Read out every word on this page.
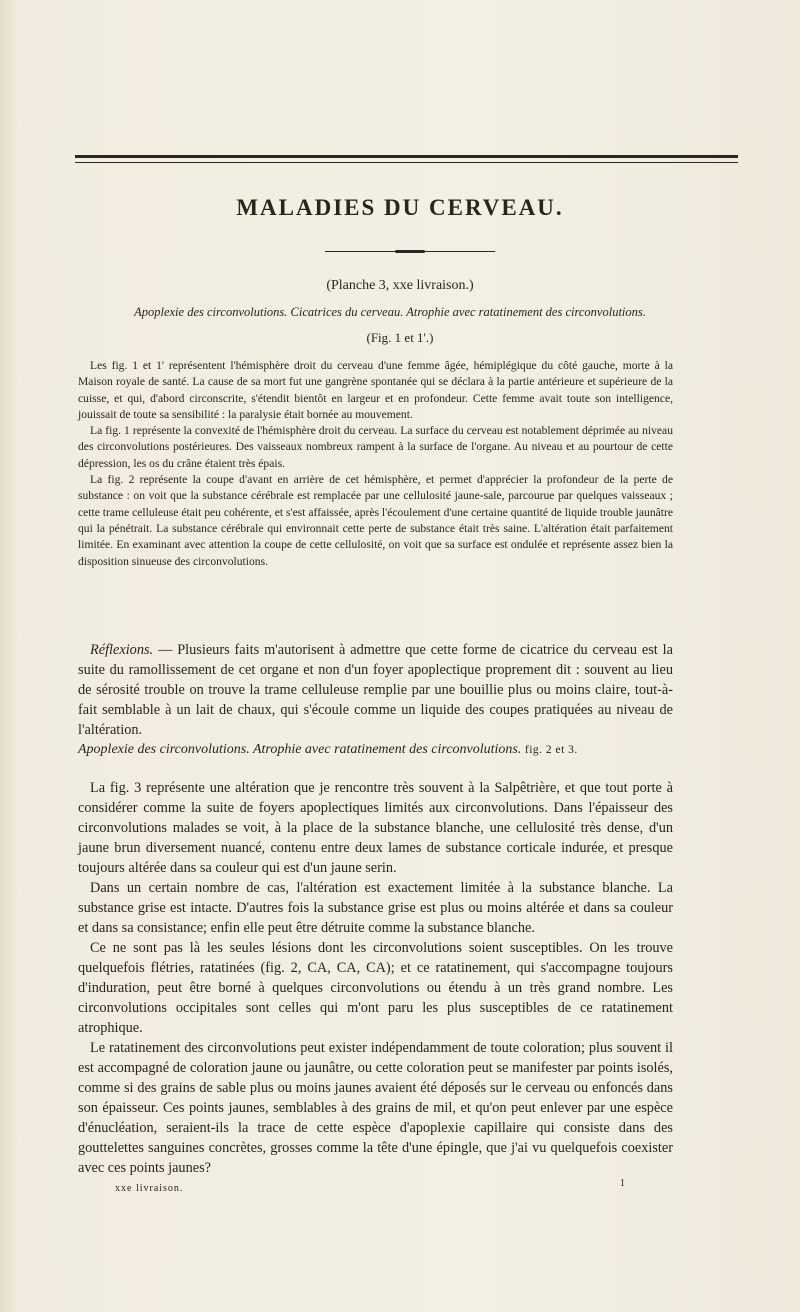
MALADIES DU CERVEAU.

(Planche 3, xxe livraison.)

Apoplexie des circonvolutions. Cicatrices du cerveau. Atrophie avec ratatinement des circonvolutions.

(Fig. 1 et 1'.)

Les fig. 1 et 1' représentent l'hémisphère droit du cerveau d'une femme âgée, hémiplégique du côté gauche, morte à la Maison royale de santé. La cause de sa mort fut une gangrène spontanée qui se déclara à la partie antérieure et supérieure de la cuisse, et qui, d'abord circonscrite, s'étendit bientôt en largeur et en profondeur. Cette femme avait toute son intelligence, jouissait de toute sa sensibilité : la paralysie était bornée au mouvement.

La fig. 1 représente la convexité de l'hémisphère droit du cerveau. La surface du cerveau est notablement déprimée au niveau des circonvolutions postérieures. Des vaisseaux nombreux rampent à la surface de l'organe. Au niveau et au pourtour de cette dépression, les os du crâne étaient très épais.

La fig. 2 représente la coupe d'avant en arrière de cet hémisphère, et permet d'apprécier la profondeur de la perte de substance : on voit que la substance cérébrale est remplacée par une cellulosité jaune-sale, parcourue par quelques vaisseaux ; cette trame celluleuse était peu cohérente, et s'est affaissée, après l'écoulement d'une certaine quantité de liquide trouble jaunâtre qui la pénétrait. La substance cérébrale qui environnait cette perte de substance était très saine. L'altération était parfaitement limitée. En examinant avec attention la coupe de cette cellulosité, on voit que sa surface est ondulée et représente assez bien la disposition sinueuse des circonvolutions.

Réflexions. — Plusieurs faits m'autorisent à admettre que cette forme de cicatrice du cerveau est la suite du ramollissement de cet organe et non d'un foyer apoplectique proprement dit : souvent au lieu de sérosité trouble on trouve la trame celluleuse remplie par une bouillie plus ou moins claire, tout-à-fait semblable à un lait de chaux, qui s'écoule comme un liquide des coupes pratiquées au niveau de l'altération.

Apoplexie des circonvolutions. Atrophie avec ratatinement des circonvolutions. fig. 2 et 3.

La fig. 3 représente une altération que je rencontre très souvent à la Salpêtrière, et que tout porte à considérer comme la suite de foyers apoplectiques limités aux circonvolutions. Dans l'épaisseur des circonvolutions malades se voit, à la place de la substance blanche, une cellulosité très dense, d'un jaune brun diversement nuancé, contenu entre deux lames de substance corticale indurée, et presque toujours altérée dans sa couleur qui est d'un jaune serin.

Dans un certain nombre de cas, l'altération est exactement limitée à la substance blanche. La substance grise est intacte. D'autres fois la substance grise est plus ou moins altérée et dans sa couleur et dans sa consistance; enfin elle peut être détruite comme la substance blanche.

Ce ne sont pas là les seules lésions dont les circonvolutions soient susceptibles. On les trouve quelquefois flétries, ratatinées (fig. 2, CA, CA, CA); et ce ratatinement, qui s'accompagne toujours d'induration, peut être borné à quelques circonvolutions ou étendu à un très grand nombre. Les circonvolutions occipitales sont celles qui m'ont paru les plus susceptibles de ce ratatinement atrophique.

Le ratatinement des circonvolutions peut exister indépendamment de toute coloration; plus souvent il est accompagné de coloration jaune ou jaunâtre, ou cette coloration peut se manifester par points isolés, comme si des grains de sable plus ou moins jaunes avaient été déposés sur le cerveau ou enfoncés dans son épaisseur. Ces points jaunes, semblables à des grains de mil, et qu'on peut enlever par une espèce d'énucléation, seraient-ils la trace de cette espèce d'apoplexie capillaire qui consiste dans des gouttelettes sanguines concrètes, grosses comme la tête d'une épingle, que j'ai vu quelquefois coexister avec ces points jaunes?

xxe livraison.	1
